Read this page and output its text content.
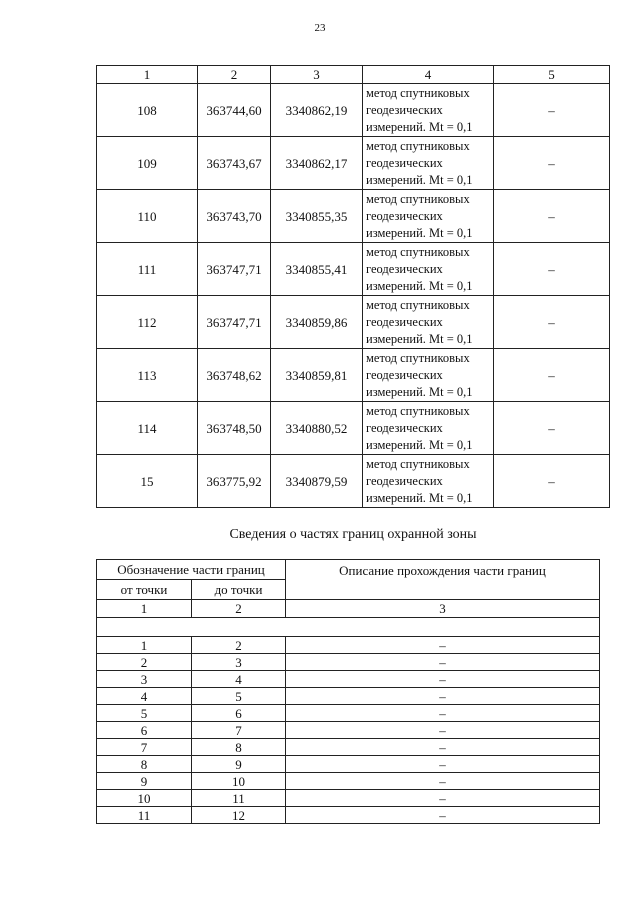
23
1	2	3	4	5
108	363744,60	3340862,19	метод спутниковых
геодезических
измерений. Mt = 0,1	–
109	363743,67	3340862,17	метод спутниковых
геодезических
измерений. Mt = 0,1	–
110	363743,70	3340855,35	метод спутниковых
геодезических
измерений. Mt = 0,1	–
111	363747,71	3340855,41	метод спутниковых
геодезических
измерений. Mt = 0,1	–
112	363747,71	3340859,86	метод спутниковых
геодезических
измерений. Mt = 0,1	–
113	363748,62	3340859,81	метод спутниковых
геодезических
измерений. Mt = 0,1	–
114	363748,50	3340880,52	метод спутниковых
геодезических
измерений. Mt = 0,1	–
15	363775,92	3340879,59	метод спутниковых
геодезических
измерений. Mt = 0,1	–
Сведения о частях границ охранной зоны
Обозначение части границ		Описание прохождения части границ
от точки	до точки	
1	2	3

1	2	–
2	3	–
3	4	–
4	5	–
5	6	–
6	7	–
7	8	–
8	9	–
9	10	–
10	11	–
11	12	–
